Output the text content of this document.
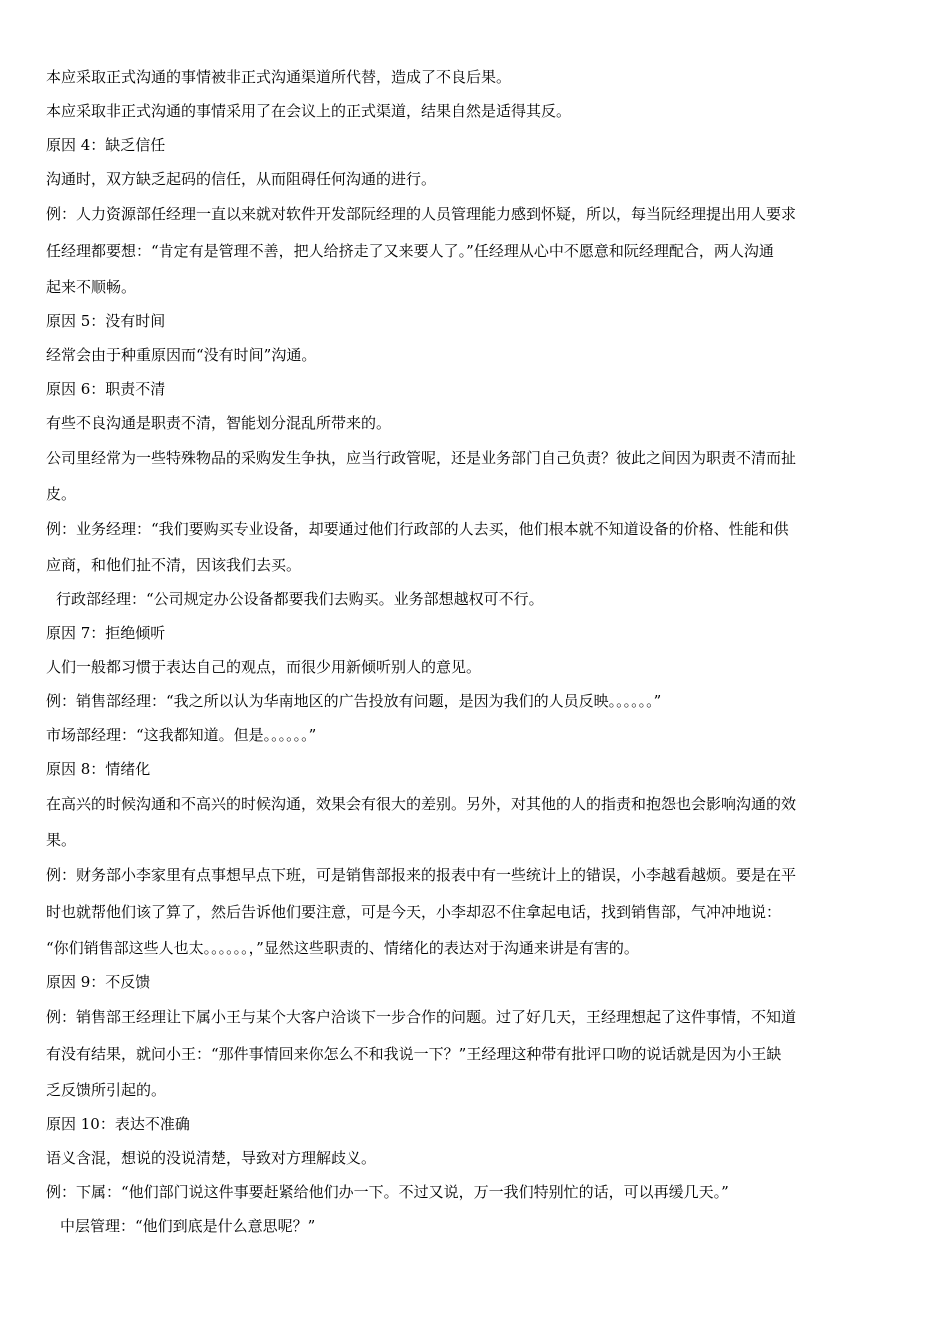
本应采取正式沟通的事情被非正式沟通渠道所代替，造成了不良后果。
本应采取非正式沟通的事情采用了在会议上的正式渠道，结果自然是适得其反。
原因 4：缺乏信任
沟通时，双方缺乏起码的信任，从而阻碍任何沟通的进行。
例：人力资源部任经理一直以来就对软件开发部阮经理的人员管理能力感到怀疑，所以，每当阮经理提出用人要求
任经理都要想：“肯定有是管理不善，把人给挤走了又来要人了。”任经理从心中不愿意和阮经理配合，两人沟通
起来不顺畅。
原因 5：没有时间
经常会由于种重原因而“没有时间”沟通。
原因 6：职责不清
有些不良沟通是职责不清，智能划分混乱所带来的。
公司里经常为一些特殊物品的采购发生争执，应当行政管呢，还是业务部门自己负责？彼此之间因为职责不清而扯
皮。
例：业务经理：“我们要购买专业设备，却要通过他们行政部的人去买，他们根本就不知道设备的价格、性能和供
应商，和他们扯不清，因该我们去买。
行政部经理：“公司规定办公设备都要我们去购买。业务部想越权可不行。
原因 7：拒绝倾听
人们一般都习惯于表达自己的观点，而很少用新倾听别人的意见。
例：销售部经理：“我之所以认为华南地区的广告投放有问题，是因为我们的人员反映。。。。。。”
市场部经理：“这我都知道。但是。。。。。。”
原因 8：情绪化
在高兴的时候沟通和不高兴的时候沟通，效果会有很大的差别。另外，对其他的人的指责和抱怨也会影响沟通的效
果。
例：财务部小李家里有点事想早点下班，可是销售部报来的报表中有一些统计上的错误，小李越看越烦。要是在平
时也就帮他们该了算了，然后告诉他们要注意，可是今天，小李却忍不住拿起电话，找到销售部，气冲冲地说：
“你们销售部这些人也太。。。。。。，”显然这些职责的、情绪化的表达对于沟通来讲是有害的。
原因 9：不反馈
例：销售部王经理让下属小王与某个大客户洽谈下一步合作的问题。过了好几天，王经理想起了这件事情，不知道
有没有结果，就问小王：“那件事情回来你怎么不和我说一下？”王经理这种带有批评口吻的说话就是因为小王缺
乏反馈所引起的。
原因 10：表达不准确
语义含混，想说的没说清楚，导致对方理解歧义。
例：下属：“他们部门说这件事要赶紧给他们办一下。不过又说，万一我们特别忙的话，可以再缓几天。”
中层管理：“他们到底是什么意思呢？”
